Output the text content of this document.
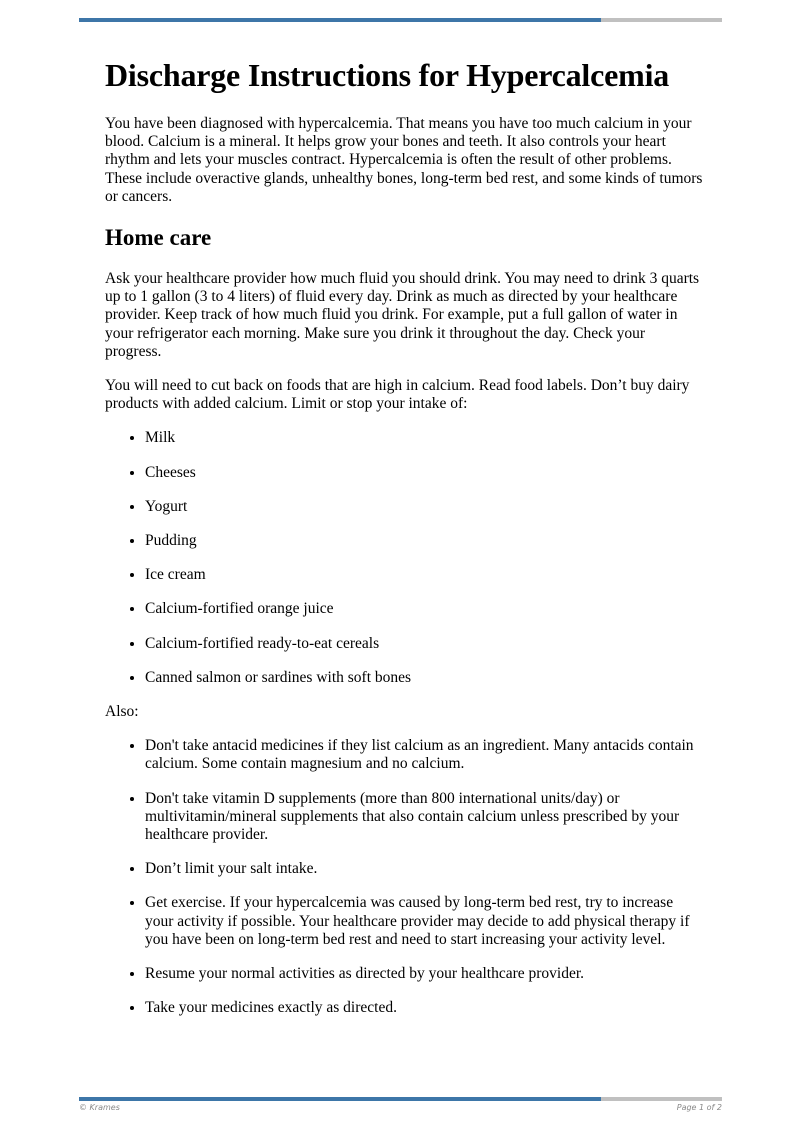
Discharge Instructions for Hypercalcemia

You have been diagnosed with hypercalcemia. That means you have too much calcium in your blood. Calcium is a mineral. It helps grow your bones and teeth. It also controls your heart rhythm and lets your muscles contract. Hypercalcemia is often the result of other problems. These include overactive glands, unhealthy bones, long-term bed rest, and some kinds of tumors or cancers.

Home care

Ask your healthcare provider how much fluid you should drink. You may need to drink 3 quarts up to 1 gallon (3 to 4 liters) of fluid every day. Drink as much as directed by your healthcare provider. Keep track of how much fluid you drink. For example, put a full gallon of water in your refrigerator each morning. Make sure you drink it throughout the day. Check your progress.

You will need to cut back on foods that are high in calcium. Read food labels. Don’t buy dairy products with added calcium. Limit or stop your intake of:

• Milk
• Cheeses
• Yogurt
• Pudding
• Ice cream
• Calcium-fortified orange juice
• Calcium-fortified ready-to-eat cereals
• Canned salmon or sardines with soft bones

Also:

• Don't take antacid medicines if they list calcium as an ingredient. Many antacids contain calcium. Some contain magnesium and no calcium.
• Don't take vitamin D supplements (more than 800 international units/day) or multivitamin/mineral supplements that also contain calcium unless prescribed by your healthcare provider.
• Don’t limit your salt intake.
• Get exercise. If your hypercalcemia was caused by long-term bed rest, try to increase your activity if possible. Your healthcare provider may decide to add physical therapy if you have been on long-term bed rest and need to start increasing your activity level.
• Resume your normal activities as directed by your healthcare provider.
• Take your medicines exactly as directed.
© Krames	Page 1 of 2
